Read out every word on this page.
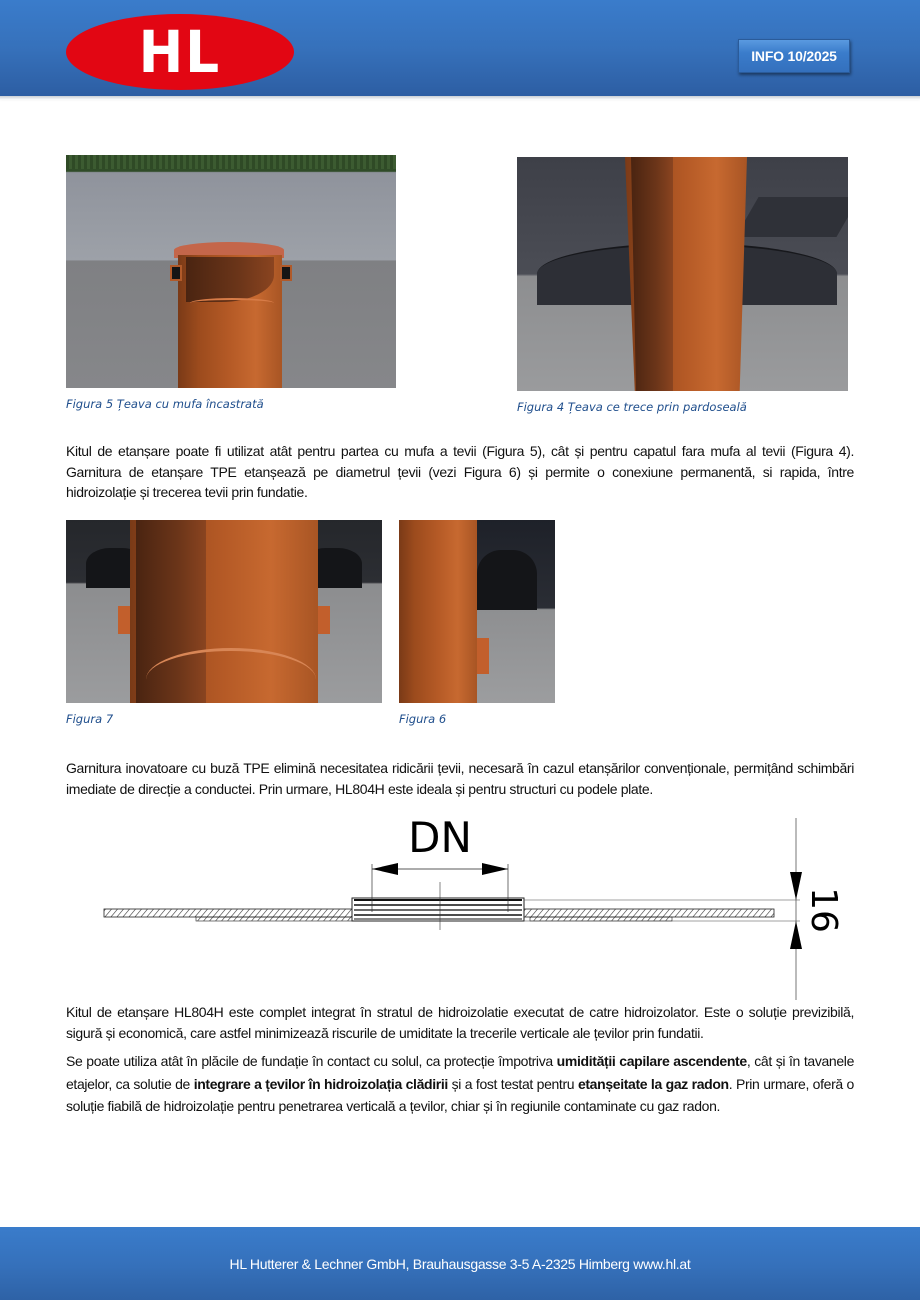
HL	INFO 10/2025
Figura 5 Țeava cu mufa încastrată	Figura 4 Țeava ce trece prin pardoseală
Kitul de etanșare poate fi utilizat atât pentru partea cu mufa a tevii (Figura 5), cât și pentru capatul fara mufa al tevii (Figura 4). Garnitura de etanșare TPE etanșează pe diametrul țevii (vezi Figura 6) și permite o conexiune permanentă, si rapida, între hidroizolație și trecerea tevii prin fundatie.
Figura 7	Figura 6
Garnitura inovatoare cu buză TPE elimină necesitatea ridicării țevii, necesară în cazul etanșărilor convenționale, permițând schimbări imediate de direcție a conductei. Prin urmare, HL804H este ideala și pentru structuri cu podele plate.
DN
16
Kitul de etanșare HL804H este complet integrat în stratul de hidroizolatie executat de catre hidroizolator. Este o soluție previzibilă, sigură și economică, care astfel minimizează riscurile de umiditate la trecerile verticale ale țevilor prin fundatii.
Se poate utiliza atât în plăcile de fundație în contact cu solul, ca protecție împotriva umidității capilare ascendente, cât și în tavanele etajelor, ca solutie de integrare a țevilor în hidroizolația clădirii și a fost testat pentru etanșeitate la gaz radon. Prin urmare, oferă o soluție fiabilă de hidroizolație pentru penetrarea verticală a țevilor, chiar și în regiunile contaminate cu gaz radon.
HL Hutterer & Lechner GmbH, Brauhausgasse 3-5 A-2325 Himberg www.hl.at
